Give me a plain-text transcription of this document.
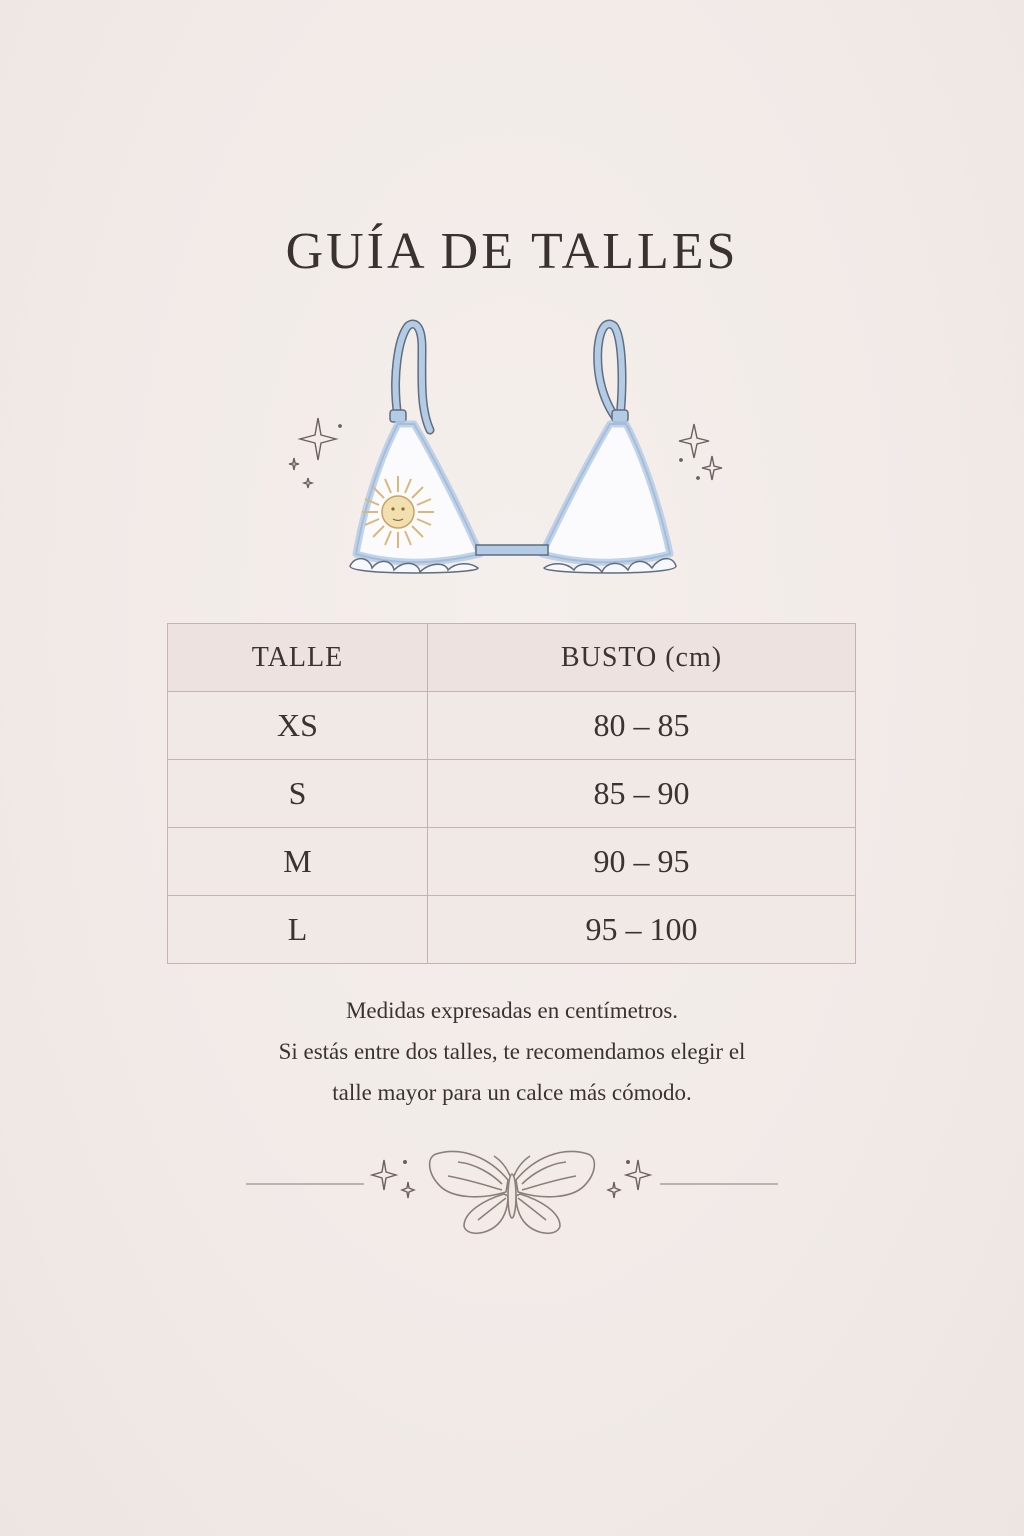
GUÍA DE TALLES
TALLE	BUSTO (cm)
XS	80 – 85
S	85 – 90
M	90 – 95
L	95 – 100

Medidas expresadas en centímetros.

Si estás entre dos talles, te recomendamos elegir el

talle mayor para un calce más cómodo.
